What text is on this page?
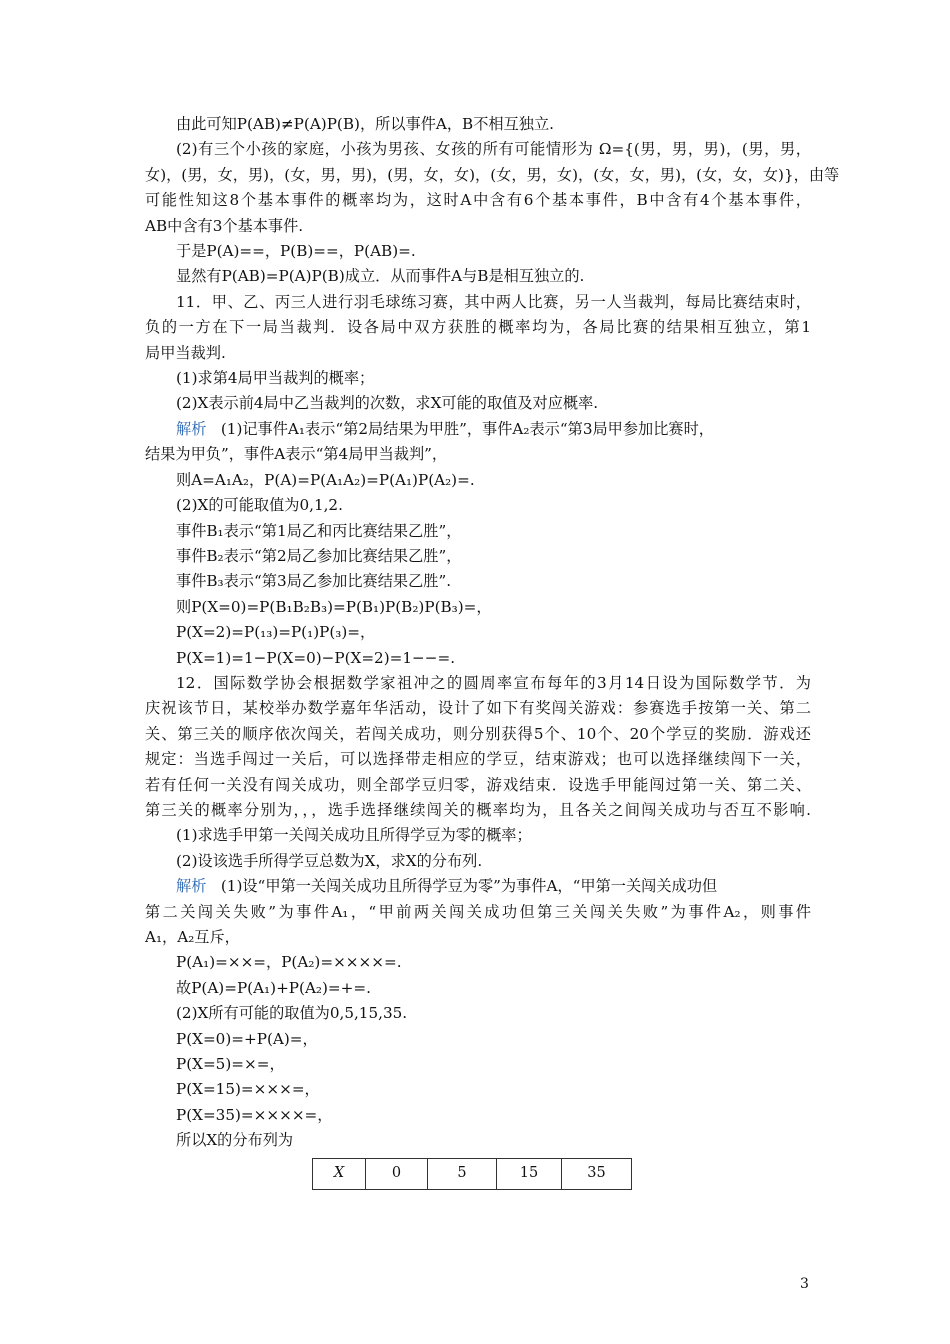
由此可知P(AB)≠P(A)P(B)，所以事件A，B不相互独立.
(2)有三个小孩的家庭，小孩为男孩、女孩的所有可能情形为 Ω={(男，男，男)，(男，男，
女)，(男，女，男)，(女，男，男)，(男，女，女)，(女，男，女)，(女，女，男)，(女，女，女)}，由等
可能性知这8个基本事件的概率均为，这时A中含有6个基本事件，B中含有4个基本事件，
AB中含有3个基本事件.
于是P(A)==，P(B)==，P(AB)=.
显然有P(AB)=P(A)P(B)成立．从而事件A与B是相互独立的.
11．甲、乙、丙三人进行羽毛球练习赛，其中两人比赛，另一人当裁判，每局比赛结束时，
负的一方在下一局当裁判．设各局中双方获胜的概率均为，各局比赛的结果相互独立，第1
局甲当裁判.
(1)求第4局甲当裁判的概率；
(2)X表示前4局中乙当裁判的次数，求X可能的取值及对应概率.
解析 (1)记事件A₁表示“第2局结果为甲胜”，事件A₂表示“第3局甲参加比赛时，
结果为甲负”，事件A表示“第4局甲当裁判”，
则A=A₁A₂，P(A)=P(A₁A₂)=P(A₁)P(A₂)=.
(2)X的可能取值为0,1,2.
事件B₁表示“第1局乙和丙比赛结果乙胜”，
事件B₂表示“第2局乙参加比赛结果乙胜”，
事件B₃表示“第3局乙参加比赛结果乙胜”.
则P(X=0)=P(B₁B₂B₃)=P(B₁)P(B₂)P(B₃)=，
P(X=2)=P(₁₃)=P(₁)P(₃)=，
P(X=1)=1−P(X=0)−P(X=2)=1−−=.
12．国际数学协会根据数学家祖冲之的圆周率宣布每年的3月14日设为国际数学节．为
庆祝该节日，某校举办数学嘉年华活动，设计了如下有奖闯关游戏：参赛选手按第一关、第二
关、第三关的顺序依次闯关，若闯关成功，则分别获得5个、10个、20个学豆的奖励．游戏还
规定：当选手闯过一关后，可以选择带走相应的学豆，结束游戏；也可以选择继续闯下一关，
若有任何一关没有闯关成功，则全部学豆归零，游戏结束．设选手甲能闯过第一关、第二关、
第三关的概率分别为，，，选手选择继续闯关的概率均为，且各关之间闯关成功与否互不影响.
(1)求选手甲第一关闯关成功且所得学豆为零的概率；
(2)设该选手所得学豆总数为X，求X的分布列.
解析 (1)设“甲第一关闯关成功且所得学豆为零”为事件A，“甲第一关闯关成功但
第二关闯关失败”为事件A₁，“甲前两关闯关成功但第三关闯关失败”为事件A₂，则事件
A₁，A₂互斥，
P(A₁)=××=，P(A₂)=××××=.
故P(A)=P(A₁)+P(A₂)=+=.
(2)X所有可能的取值为0,5,15,35.
P(X=0)=+P(A)=，
P(X=5)=×=，
P(X=15)=×××=，
P(X=35)=××××=，
所以X的分布列为
X	0	5	15	35
3
